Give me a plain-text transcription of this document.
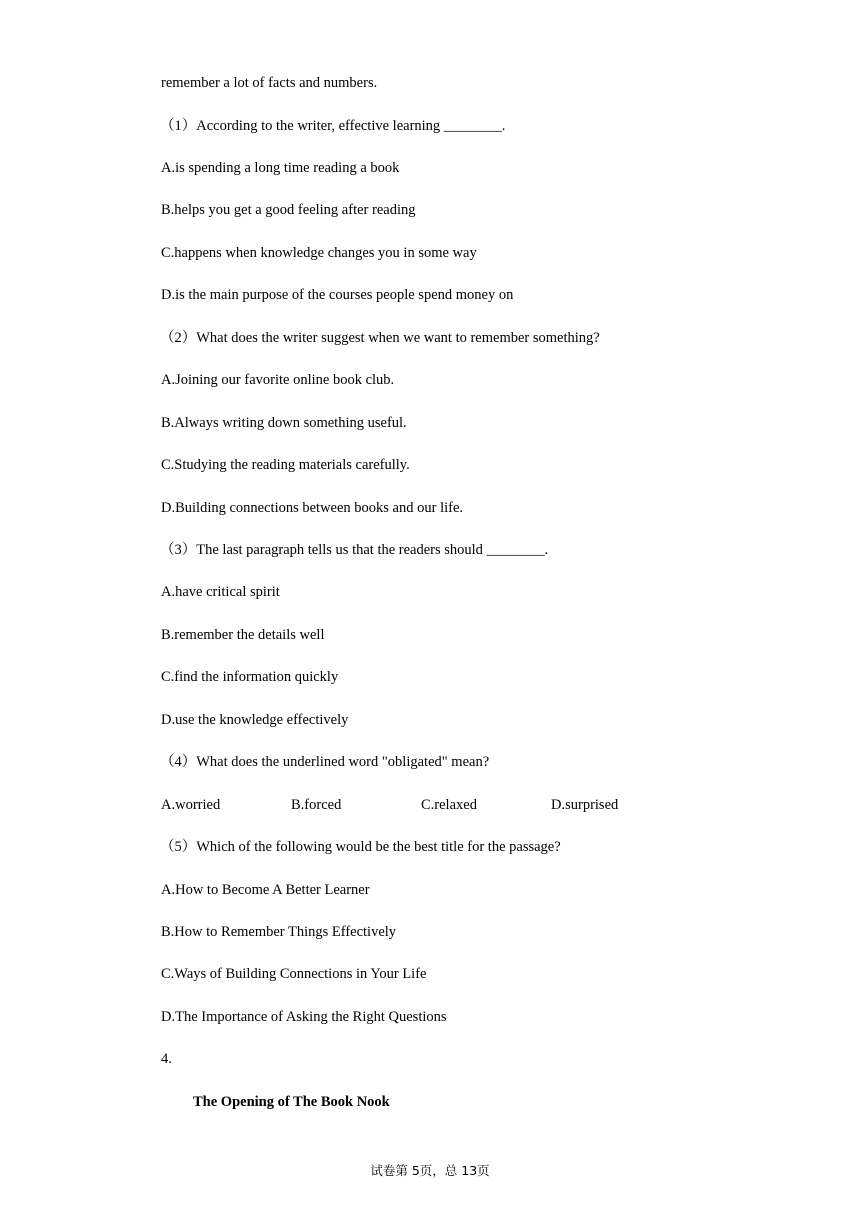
remember a lot of facts and numbers.
（1）According to the writer, effective learning ________.
A.is spending a long time reading a book
B.helps you get a good feeling after reading
C.happens when knowledge changes you in some way
D.is the main purpose of the courses people spend money on
（2）What does the writer suggest when we want to remember something?
A.Joining our favorite online book club.
B.Always writing down something useful.
C.Studying the reading materials carefully.
D.Building connections between books and our life.
（3）The last paragraph tells us that the readers should ________.
A.have critical spirit
B.remember the details well
C.find the information quickly
D.use the knowledge effectively
（4）What does the underlined word "obligated" mean?
A.worried	B.forced	C.relaxed	D.surprised
（5）Which of the following would be the best title for the passage?
A.How to Become A Better Learner
B.How to Remember Things Effectively
C.Ways of Building Connections in Your Life
D.The Importance of Asking the Right Questions
4.
The Opening of The Book Nook
试卷第 5页，总 13页
